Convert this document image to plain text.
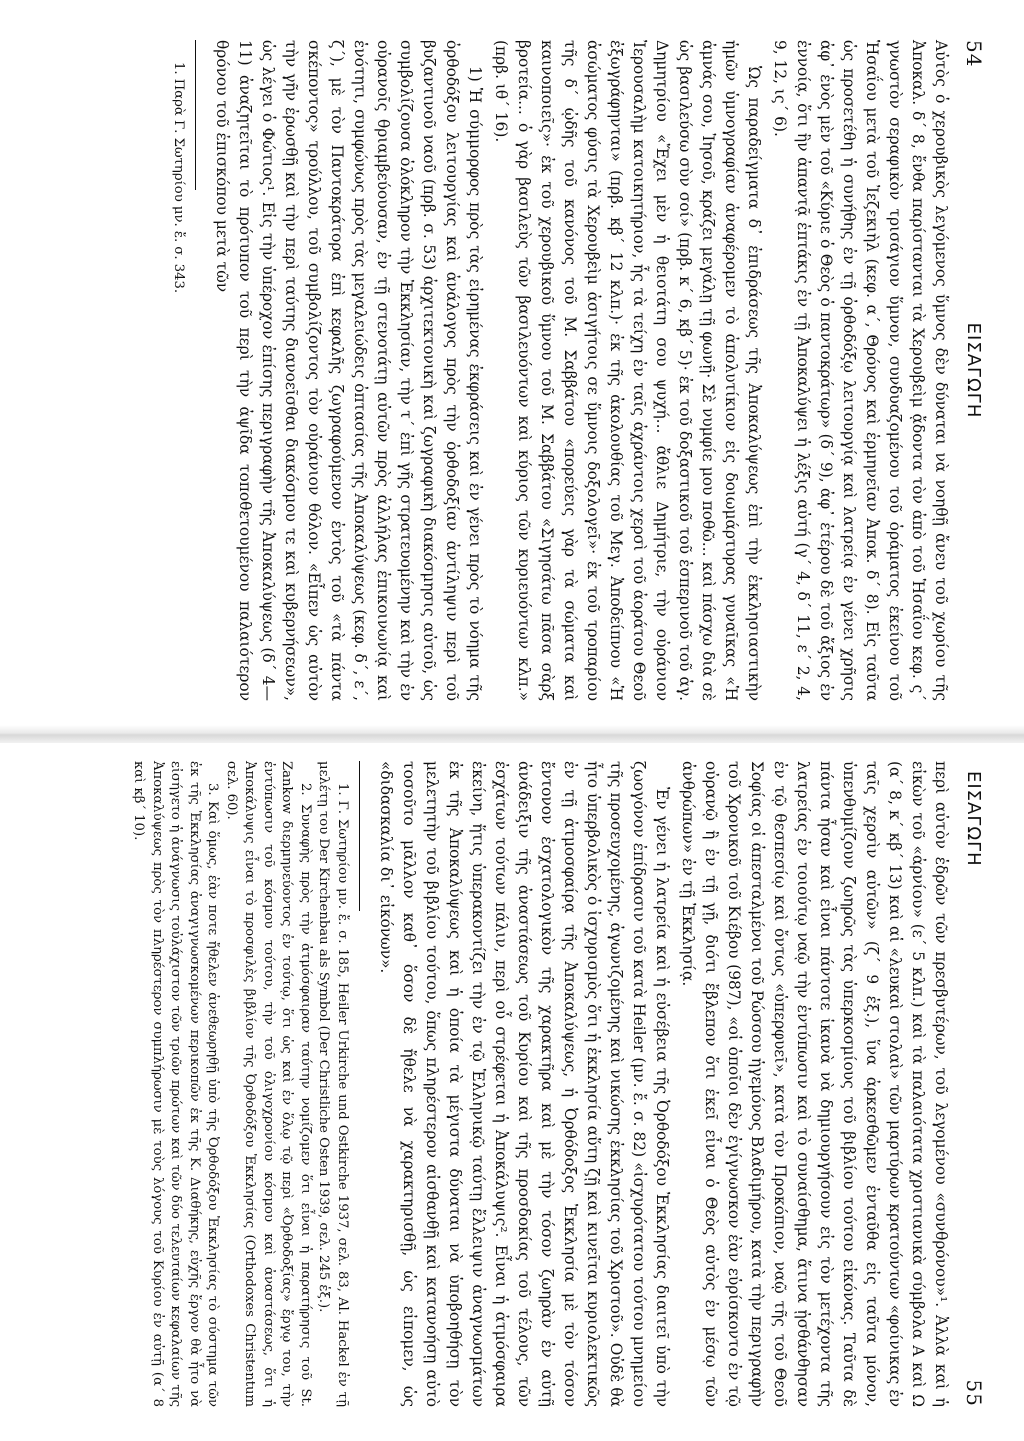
54
ΕΙΣΑΓΩΓΗ

Αὐτὸς ὁ χερουβικὸς λεγόμενος ὕμνος δὲν δύναται νὰ νοηθῇ ἄνευ τοῦ χωρίου τῆς Ἀποκαλ. δ΄ 8, ἔνθα παρίστανται τὰ Χερουβεὶμ ᾄδοντα τὸν ἀπὸ τοῦ Ἡσαΐου κεφ. ς΄ γνωστὸν σεραφικὸν τρισάγιον ὕμνον, συνδυαζομένου τοῦ ὁράματος ἐκείνου τοῦ Ἡσαΐου μετὰ τοῦ Ἰεζεκιὴλ (κεφ. α΄, Θρόνος καὶ ἑρμηνεῖαν Ἀποκ. δ΄ 8). Εἰς ταῦτα ὡς προσετέθη ἡ συνήθης ἐν τῇ ὀρθοδόξῳ λειτουργίᾳ καὶ λατρείᾳ ἐν γένει χρῆσις ἀφ᾽ ἑνὸς μὲν τοῦ «Κύριε ὁ Θεὸς ὁ παντοκράτωρ» (δ΄ 9), ἀφ᾽ ἑτέρου δὲ τοῦ ἄξιος ἐν ἐννοίᾳ, ὅτι ἣν ἀπαντᾷ ἑπτάκις ἐν τῇ Ἀποκαλύψει ἡ λέξις αὐτή (γ΄ 4, δ΄ 11, ε΄ 2, 4, 9, 12, ις΄ 6).

Ὡς παραδείγματα δ᾽ ἐπιδράσεως τῆς Ἀποκαλύψεως ἐπὶ τὴν ἐκκλησιαστικὴν ἡμῶν ὑμνογραφίαν ἀναφέρομεν τὸ ἀπολυτίκιον εἰς δοιωμάρτυρας γυναῖκας «Ἡ ἀμνάς σου, Ἰησοῦ, κράζει μεγάλῃ τῇ φωνῇ· Σὲ νυμφίε μου ποθῶ... καὶ πάσχω διὰ σὲ ὡς βασιλεύσω σὺν σοί» (πρβ. κ΄ 6, κβ΄ 5)· ἐκ τοῦ δοξαστικοῦ τοῦ ἑσπερινοῦ τοῦ ἁγ. Δημητρίου «Ἔχει μὲν ἡ θειοτάτη σου ψυχή... ἄθλιε Δημήτριε, τὴν οὐράνιον Ἰερουσαλὴμ κατοικητήριον, ἧς τὰ τείχη ἐν ταῖς ἀχράντοις χερσὶ τοῦ ἀοράτου Θεοῦ ἐξωγράφηνται» (πρβ. κβ΄ 12 κλπ.)· ἐκ τῆς ἀκολουθίας τοῦ Μεγ. Ἀποδείπνου «Ἡ ἀσώματος φύσις τὰ Χερουβεὶμ ἀσιγήτοις σε ὕμνοις δοξολογεῖ»· ἐκ τοῦ τροπαρίου τῆς δ΄ ᾠδῆς τοῦ κανόνος τοῦ Μ. Σαββάτου «πορεύεις γὰρ τὰ σώματα καὶ καινοποιεῖς»· ἐκ τοῦ χερουβικοῦ ὕμνου τοῦ Μ. Σαββάτου «Σιγησάτω πᾶσα σὰρξ βροτεία... ὁ γὰρ βασιλεὺς τῶν βασιλευόντων καὶ κύριος τῶν κυριευόντων κλπ.» (πρβ. ιθ΄ 16).

1) Ἡ σύμμορφος πρὸς τὰς εἰρημένας ἐκφράσεις καὶ ἐν γένει πρὸς τὸ νόημα τῆς ὀρθοδόξου λειτουργίας καὶ ἀνάλογος πρὸς τὴν ὀρθοδοξίαν ἀντίληψιν περὶ τοῦ βυζαντινοῦ ναοῦ (πρβ. σ. 53) ἀρχιτεκτονικὴ καὶ ζωγραφικὴ διακόσμησις αὐτοῦ, ὡς συμβολίζουσα ὁλόκληρον τὴν Ἐκκλησίαν, τὴν τ΄ ἐπὶ γῆς στρατευομένην καὶ τὴν ἐν οὐρανοῖς θριαμβεύουσαν, ἐν τῇ στενοτάτῃ αὐτῶν πρὸς ἀλλήλας ἐπικοινωνίᾳ καὶ ἑνότητι, συμφώνως πρὸς τὰς μεγαλειώδεις ὀπτασίας τῆς Ἀποκαλύψεως (κεφ. δ΄, ε΄, ζ΄), μὲ τὸν Παντοκράτορα ἐπὶ κεφαλῆς ζωγραφούμενον ἐντὸς τοῦ «τὰ πάντα σκέποντος» τρούλλου, τοῦ συμβολίζοντος τὸν οὐράνιον θόλον. «Εἶπεν ὡς αὐτὸν τὴν γῆν ἐρωσθῇ καὶ τὴν περὶ ταύτης διανοεῖσθαι διακόσμου τε καὶ κυβερνήσεων», ὡς λέγει ὁ Φώτιος¹. Εἰς τὴν ὑπέροχον ἐπίσης περιγραφὴν τῆς Ἀποκαλύψεως (δ΄ 4—11) ἀναζητεῖται τὸ πρότυπον τοῦ περὶ τὴν ἀψῖδα τοποθετουμένου παλαιότερον θρόνου τοῦ ἐπισκόπου μετὰ τῶν

1. Παρὰ Γ. Σωτηρίου μν. ἔ. σ. 343.

ΕΙΣΑΓΩΓΗ
55

περὶ αὐτὸν ἑδρῶν τῶν πρεσβυτέρων, τοῦ λεγομένου «συνθρόνου»¹. Ἀλλὰ καὶ ἡ εἰκὼν τοῦ «ἀρνίου» (ε΄ 5 κλπ.) καὶ τὰ παλαιότατα χριστιανικὰ σύμβολα Α καὶ Ω (α΄ 8, κ΄ κβ΄ 13) καὶ αἱ «λευκαὶ στολαὶ» τῶν μαρτύρων κρατούντων «φοίνικας ἐν ταῖς χερσὶν αὐτῶν» (ζ΄ 9 ἑξ.), ἵνα ἀρκεσθῶμεν ἐνταῦθα εἰς ταῦτα μόνον, ὑπενθυμίζουν ζωηρῶς τὰς ὑπερκοσμίους τοῦ βιβλίου τούτου εἰκόνας. Ταῦτα δὲ πάντα ἦσαν καὶ εἶναι πάντοτε ἱκανὰ νὰ δημιουργήσουν εἰς τὸν μετέχοντα τῆς λατρείας ἐν τοιούτῳ ναῷ τὴν ἐντύπωσιν καὶ τὸ συναίσθημα, ἅτινα ᾐσθάνθησαν ἐν τῷ θεσπεσίῳ καὶ ὄντως «ὑπερφυεῖ», κατὰ τὸν Προκόπιον, ναῷ τῆς τοῦ Θεοῦ Σοφίας οἱ ἀπεσταλμένοι τοῦ Ρώσσου ἡγεμόνος Βλαδιμήρου, κατὰ τὴν περιγραφὴν τοῦ Χρονικοῦ τοῦ Κιέβου (987), «οἱ ὁποῖοι δὲν ἐγίγνωσκον ἐὰν εὑρίσκοντο ἐν τῷ οὐρανῷ ἢ ἐν τῇ γῇ, διότι ἔβλεπον ὅτι ἐκεῖ εἶναι ὁ Θεὸς αὐτὸς ἐν μέσῳ τῶν ἀνθρώπων» ἐν τῇ Ἐκκλησίᾳ.

Ἐν γένει ἡ λατρεία καὶ ἡ εὐσέβεια τῆς Ὀρθοδόξου Ἐκκλησίας διαιτεῖ ὑπὸ τὴν ζωογόνον ἐπίδρασιν τοῦ κατὰ Heiler (μν. ἔ. σ. 82) «ἰσχυρότατου τούτου μνημείου τῆς προσευχομένης, ἀγωνιζομένης καὶ νικώσης ἐκκλησίας τοῦ Χριστοῦ». Οὐδὲ θὰ ἦτο ὑπερβολικὸς ὁ ἰσχυρισμὸς ὅτι ἡ ἐκκλησία αὕτη ζῇ καὶ κινεῖται κυριολεκτικῶς ἐν τῇ ἀτμοσφαίρᾳ τῆς Ἀποκαλύψεως, ἡ Ὀρθόδοξος Ἐκκλησία μὲ τὸν τόσον ἔντονον ἐσχατολογικὸν τῆς χαρακτῆρα καὶ μὲ τὴν τόσον ζωηρὰν ἐν αὐτῇ ἀνάδειξιν τῆς ἀναστάσεως τοῦ Κυρίου καὶ τῆς προσδοκίας τοῦ τέλους, τῶν ἐσχάτων τούτων πάλιν, περὶ οὗ στρέφεται ἡ Ἀποκάλυψις². Εἶναι ἡ ἀτμόσφαιρα ἐκείνη, ἥτις ὑπερακοντίζει τὴν ἐν τῷ Ἑλληνικῷ ταύτῃ ἔλλειψιν ἀναγνωσμάτων ἐκ τῆς Ἀποκαλύψεως καὶ ἡ ὁποία τὰ μέγιστα δύναται νὰ ὑποβοηθήσῃ τὸν μελετητὴν τοῦ βιβλίου τούτου, ὅπως πληρέστερον αἰσθανθῇ καὶ κατανοήσῃ αὐτὸ τοσοῦτο μᾶλλον καθ᾽ ὅσον δὲ ἤθελε νὰ χαρακτηρισθῇ, ὡς εἰπομεν, ὡς «διδασκαλία δι᾽ εἰκόνων».

1. Γ. Σωτηρίου μν. ἔ. σ. 185, Heiler Urkirche und Ostkirche 1937, σελ. 83, Al. Hackel ἐν τῇ μελέτῃ του Der Kirchenbau als Symbol (Der Christliche Osten 1939, σελ. 245 ἑξ.).

2. Συναφὴς πρὸς τὴν ἀτμόσφαιραν ταύτην νομίζομεν ὅτι εἶναι ἡ παρατήρησις τοῦ St. Zankow διερμηνεύοντος ἐν τούτῳ, ὅτι ὡς καὶ ἐν ὅλῳ τῷ περὶ «Ὀρθοδοξίας» ἔργῳ του, τὴν ἐντύπωσιν τοῦ κόσμου τούτου, τὴν τοῦ ὀλιγοχρονίου κόσμου καὶ ἀναστάσεως, ὅτι ἡ Ἀποκάλυψις εἶναι τὸ προσφιλὲς βιβλίον τῆς Ὀρθοδόξου Ἐκκλησίας (Orthodoxes Christentum σελ. 60).

3. Καὶ ὅμως, ἐὰν ποτε ἤθελεν ἀνεθεωρηθῇ ὑπὸ τῆς Ὀρθοδόξου Ἐκκλησίας τὸ σύστημα τῶν ἐκ τῆς Ἐκκλησίας ἀναγιγνωσκομένων περικοπῶν ἐκ τῆς Κ. Διαθήκης, εὐχῆς ἔργον θὰ ἦτο νὰ εἰσήγετο ἡ ἀνάγνωσις τοὐλάχιστον τῶν τριῶν πρώτων καὶ τῶν δύο τελευταίων κεφαλαίων τῆς Ἀποκαλύψεως πρὸς τὸν πληρέστερον συμπλήρωσιν μὲ τοὺς λόγους τοῦ Κυρίου ἐν αὐτῇ (α΄ 8 καὶ κβ΄ 10).
